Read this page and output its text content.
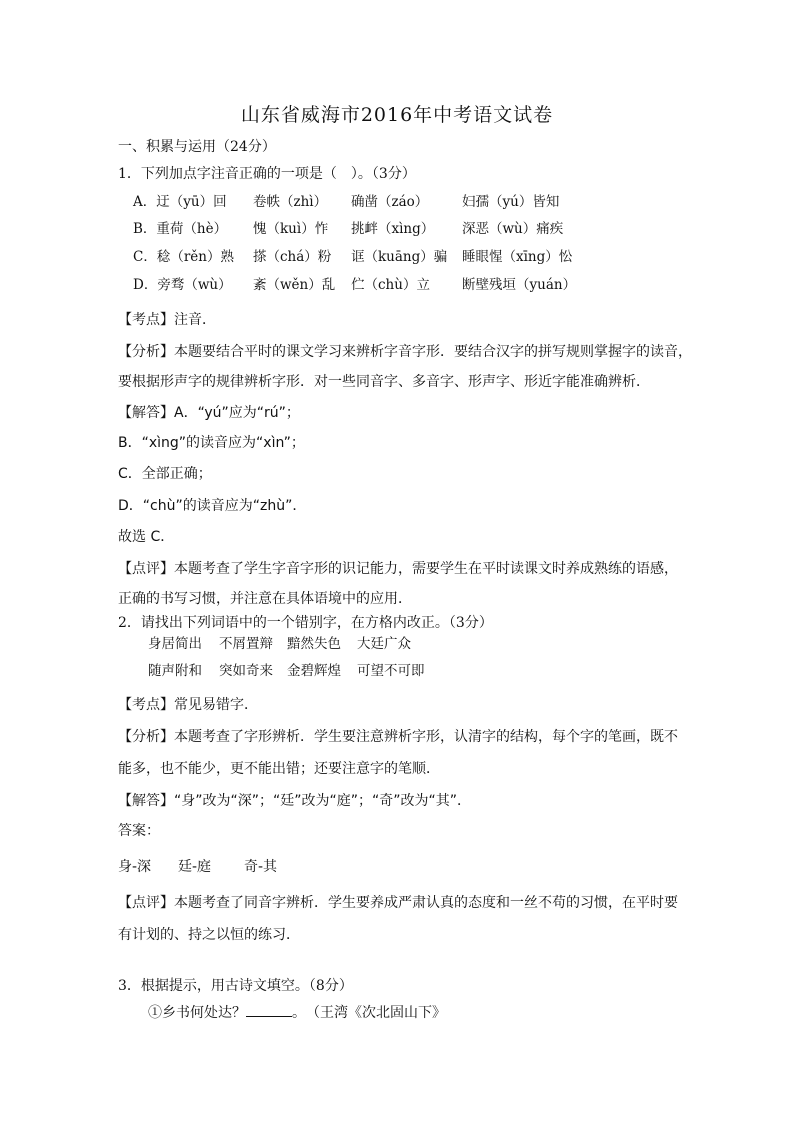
山东省威海市2016年中考语文试卷
一、积累与运用（24分）
1．下列加点字注音正确的一项是（　）。（3分）
A．迂（yū）回 卷帙（zhì） 确凿（záo） 妇孺（yú）皆知
B．重荷（hè） 愧（kuì）怍 挑衅（xìng） 深恶（wù）痛疾
C．稔（rěn）熟 搽（chá）粉 诓（kuāng）骗 睡眼惺（xīng）忪
D．旁骛（wù） 紊（wěn）乱 伫（chù）立 断壁残垣（yuán）
【考点】注音．
【分析】本题要结合平时的课文学习来辨析字音字形．要结合汉字的拼写规则掌握字的读音，
要根据形声字的规律辨析字形．对一些同音字、多音字、形声字、形近字能准确辨析．
【解答】A．“yú”应为“rú”；
B．“xìng”的读音应为“xìn”；
C．全部正确；
D．“chù”的读音应为“zhù”．
故选 C．
【点评】本题考查了学生字音字形的识记能力，需要学生在平时读课文时养成熟练的语感，
正确的书写习惯，并注意在具体语境中的应用．
2．请找出下列词语中的一个错别字，在方格内改正。（3分）
身居简出 不屑置辩 黯然失色 大廷广众
随声附和 突如奇来 金碧辉煌 可望不可即
【考点】常见易错字．
【分析】本题考查了字形辨析．学生要注意辨析字形，认清字的结构，每个字的笔画，既不
能多，也不能少，更不能出错；还要注意字的笔顺．
【解答】“身”改为“深”；“廷”改为“庭”；“奇”改为“其”．
答案：
身-深 廷-庭 奇-其
【点评】本题考查了同音字辨析．学生要养成严肃认真的态度和一丝不苟的习惯，在平时要
有计划的、持之以恒的练习．
3．根据提示，用古诗文填空。（8分）
①乡书何处达？	。　（王湾《次北固山下》
